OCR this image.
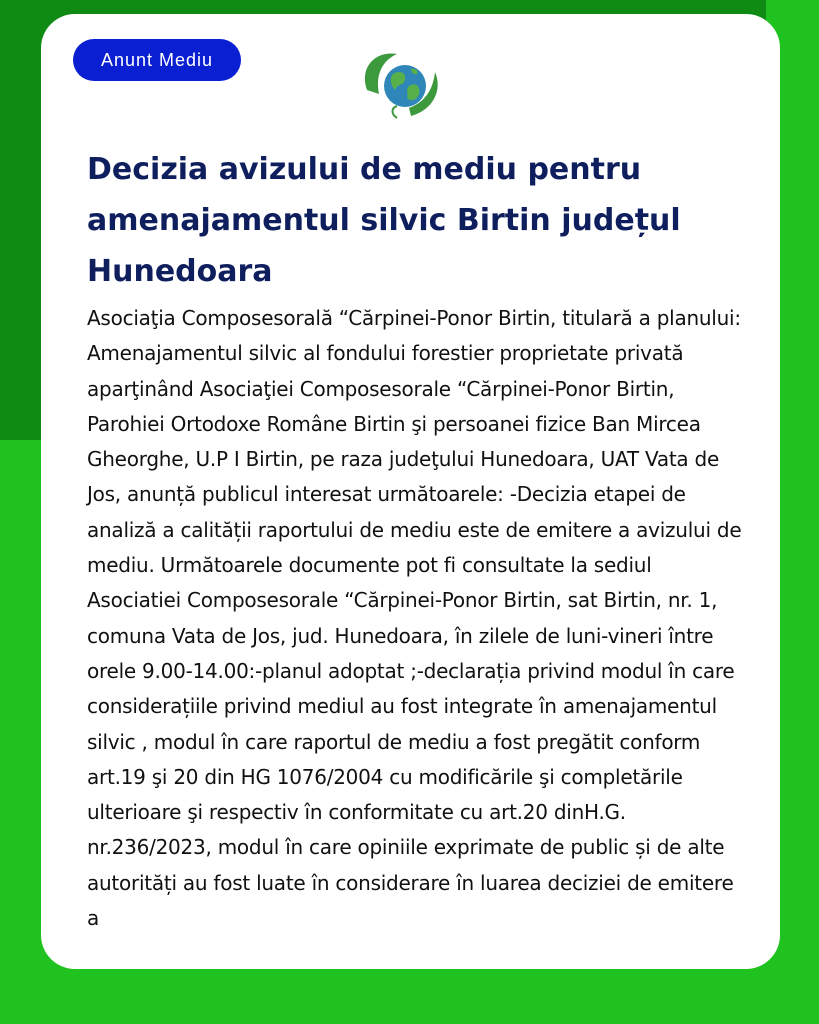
Anunt Mediu
Decizia avizului de mediu pentru amenajamentul silvic Birtin județul Hunedoara

Asociaţia Composesorală “Cărpinei-Ponor Birtin, titulară a planului: Amenajamentul silvic al fondului forestier proprietate privată aparţinând Asociaţiei Composesorale “Cărpinei-Ponor Birtin, Parohiei Ortodoxe Române Birtin şi persoanei fizice Ban Mircea Gheorghe, U.P I Birtin, pe raza judeţului Hunedoara, UAT Vata de Jos, anunță publicul interesat următoarele: -Decizia etapei de analiză a calității raportului de mediu este de emitere a avizului de mediu. Următoarele documente pot fi consultate la sediul Asociatiei Composesorale “Cărpinei-Ponor Birtin, sat Birtin, nr. 1, comuna Vata de Jos, jud. Hunedoara, în zilele de luni-vineri între orele 9.00-14.00:-planul adoptat ;-declarația privind modul în care considerațiile privind mediul au fost integrate în amenajamentul silvic , modul în care raportul de mediu a fost pregătit conform art.19 şi 20 din HG 1076/2004 cu modificările şi completările ulterioare şi respectiv în conformitate cu art.20 dinH.G. nr.236/2023, modul în care opiniile exprimate de public și de alte autorități au fost luate în considerare în luarea deciziei de emitere a
